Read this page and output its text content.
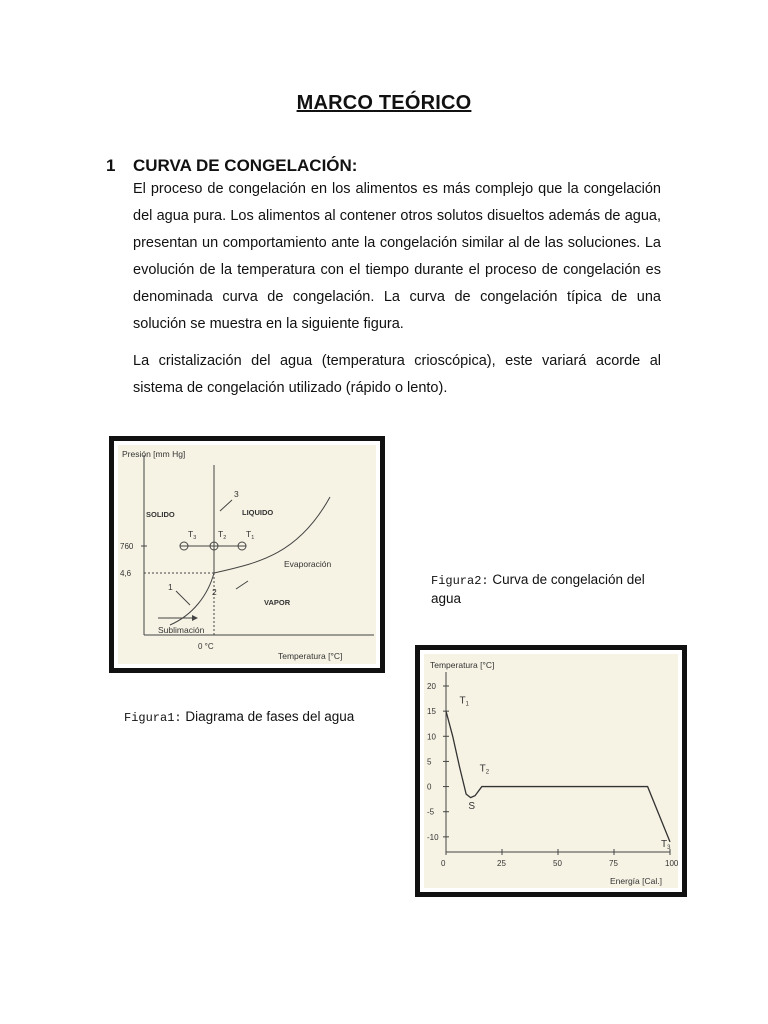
MARCO TEÓRICO
1 CURVA DE CONGELACIÓN:

El proceso de congelación en los alimentos es más complejo que la congelación del agua pura. Los alimentos al contener otros solutos disueltos además de agua, presentan un comportamiento ante la congelación similar al de las soluciones. La evolución de la temperatura con el tiempo durante el proceso de congelación es denominada curva de congelación. La curva de congelación típica de una solución se muestra en la siguiente figura.

La cristalización del agua (temperatura crioscópica), este variará acorde al sistema de congelación utilizado (rápido o lento).

Presión [mm Hg]
Temperatura [°C]
760
4,6
0 °C
SOLIDO	LIQUIDO
VAPOR
Evaporación
Sublimación
1	2
3
$T_3$	$T_2$ $T_1$
Figura2: Curva de congelación del agua
Figura1: Diagrama de fases del agua
Temperatura [°C]
Energía [Cal.]
20
15
10
5
0
-5
-10
0	25	50	75	100
$T_1$
$T_2$
S
$T_3$
